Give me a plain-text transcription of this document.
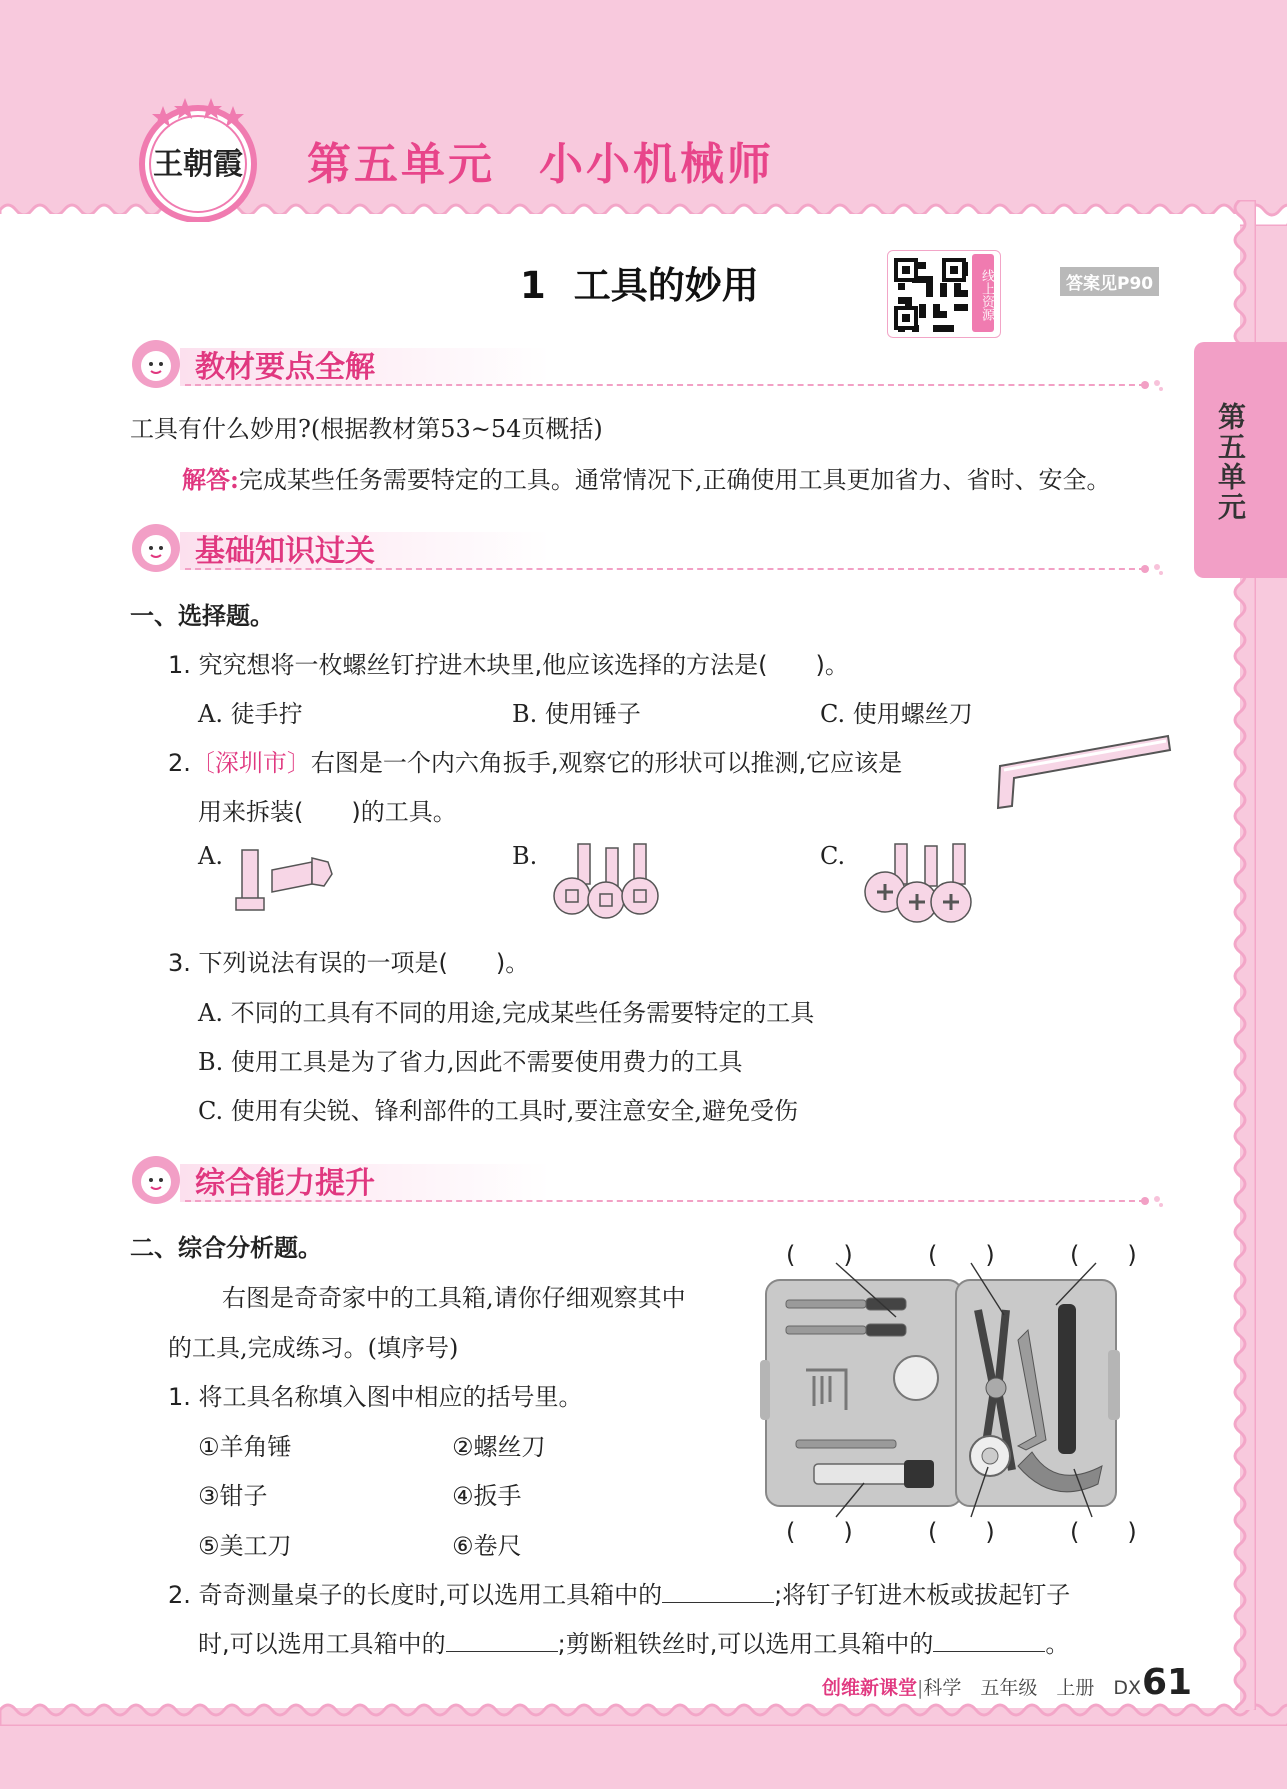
王朝霞 第五单元 小小机械师
1 工具的妙用	线上资源	答案见P90
第五单元
教材要点全解
工具有什么妙用?(根据教材第53~54页概括)
解答:完成某些任务需要特定的工具。通常情况下,正确使用工具更加省力、省时、安全。
基础知识过关
一、选择题。
1. 究究想将一枚螺丝钉拧进木块里,他应该选择的方法是(　　)。
A. 徒手拧	B. 使用锤子	C. 使用螺丝刀
2.〔深圳市〕右图是一个内六角扳手,观察它的形状可以推测,它应该是
用来拆装(　　)的工具。
A.	B.	C.
3. 下列说法有误的一项是(　　)。
A. 不同的工具有不同的用途,完成某些任务需要特定的工具
B. 使用工具是为了省力,因此不需要使用费力的工具
C. 使用有尖锐、锋利部件的工具时,要注意安全,避免受伤
综合能力提升
二、综合分析题。
右图是奇奇家中的工具箱,请你仔细观察其中
的工具,完成练习。(填序号)
1. 将工具名称填入图中相应的括号里。
①羊角锤	②螺丝刀
③钳子	④扳手
⑤美工刀	⑥卷尺
(　　)	(　　)	(　　)
(　　)	(　　)	(　　)
2. 奇奇测量桌子的长度时,可以选用工具箱中的	;将钉子钉进木板或拔起钉子
时,可以选用工具箱中的	;剪断粗铁丝时,可以选用工具箱中的	。
创维新课堂|科学　五年级　上册　DX 61
